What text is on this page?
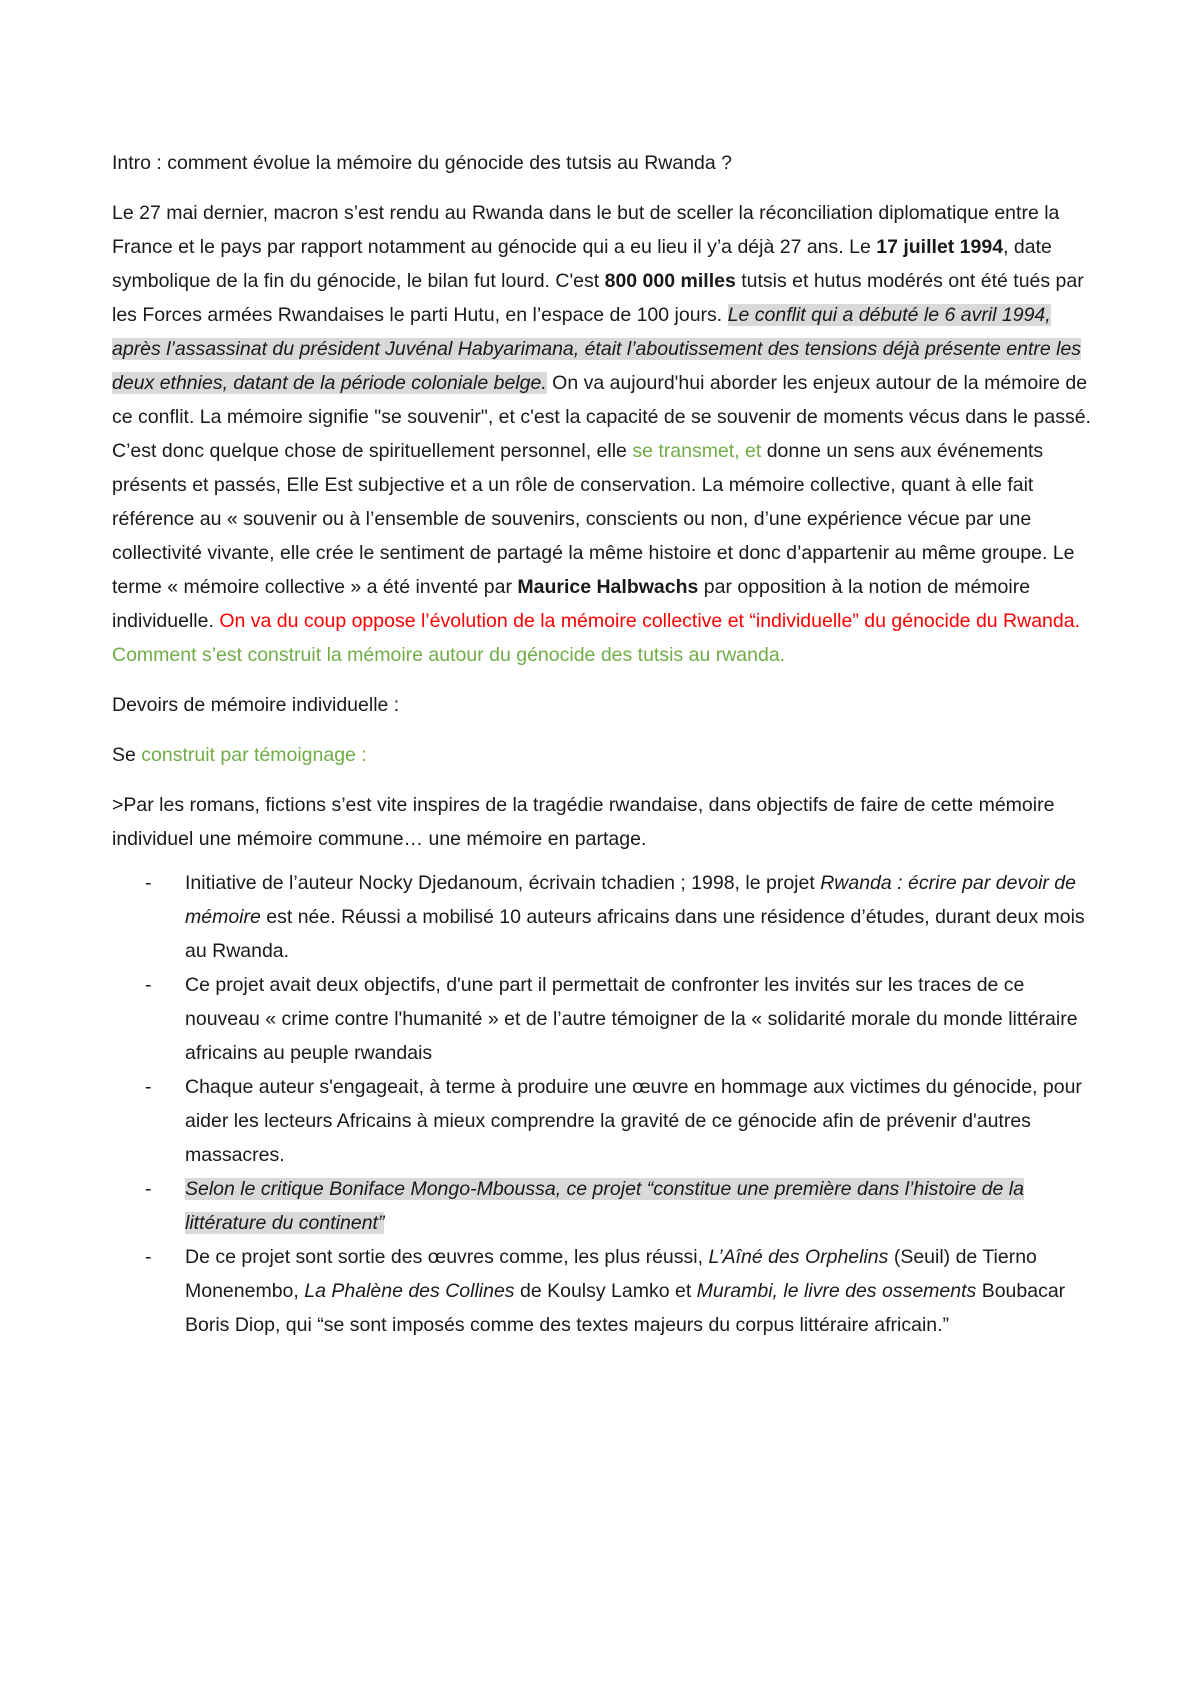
Intro : comment évolue la mémoire du génocide des tutsis au Rwanda ?

Le 27 mai dernier, macron s’est rendu au Rwanda dans le but de sceller la réconciliation diplomatique entre la France et le pays par rapport notamment au génocide qui a eu lieu il y’a déjà 27 ans. Le 17 juillet 1994, date symbolique de la fin du génocide, le bilan fut lourd. C'est 800 000 milles tutsis et hutus modérés ont été tués par les Forces armées Rwandaises le parti Hutu, en l’espace de 100 jours. Le conflit qui a débuté le 6 avril 1994, après l’assassinat du président Juvénal Habyarimana, était l’aboutissement des tensions déjà présente entre les deux ethnies, datant de la période coloniale belge. On va aujourd'hui aborder les enjeux autour de la mémoire de ce conflit. La mémoire signifie "se souvenir", et c'est la capacité de se souvenir de moments vécus dans le passé. C’est donc quelque chose de spirituellement personnel, elle se transmet, et donne un sens aux événements présents et passés, Elle Est subjective et a un rôle de conservation. La mémoire collective, quant à elle fait référence au « souvenir ou à l’ensemble de souvenirs, conscients ou non, d’une expérience vécue par une collectivité vivante, elle crée le sentiment de partagé la même histoire et donc d’appartenir au même groupe. Le terme « mémoire collective » a été inventé par Maurice Halbwachs par opposition à la notion de mémoire individuelle. On va du coup oppose l’évolution de la mémoire collective et “individuelle” du génocide du Rwanda. Comment s’est construit la mémoire autour du génocide des tutsis au rwanda.

Devoirs de mémoire individuelle :

Se construit par témoignage :

>Par les romans, fictions s’est vite inspires de la tragédie rwandaise, dans objectifs de faire de cette mémoire individuel une mémoire commune… une mémoire en partage.

- Initiative de l’auteur Nocky Djedanoum, écrivain tchadien ; 1998, le projet Rwanda : écrire par devoir de mémoire est née. Réussi a mobilisé 10 auteurs africains dans une résidence d’études, durant deux mois au Rwanda.
- Ce projet avait deux objectifs, d'une part il permettait de confronter les invités sur les traces de ce nouveau « crime contre l'humanité » et de l’autre témoigner de la « solidarité morale du monde littéraire africains au peuple rwandais
- Chaque auteur s'engageait, à terme à produire une œuvre en hommage aux victimes du génocide, pour aider les lecteurs Africains à mieux comprendre la gravité de ce génocide afin de prévenir d'autres massacres.
- Selon le critique Boniface Mongo-Mboussa, ce projet “constitue une première dans l’histoire de la littérature du continent”
- De ce projet sont sortie des œuvres comme, les plus réussi, L’Aîné des Orphelins (Seuil) de Tierno Monenembo, La Phalène des Collines de Koulsy Lamko et Murambi, le livre des ossements Boubacar Boris Diop, qui “se sont imposés comme des textes majeurs du corpus littéraire africain.”
